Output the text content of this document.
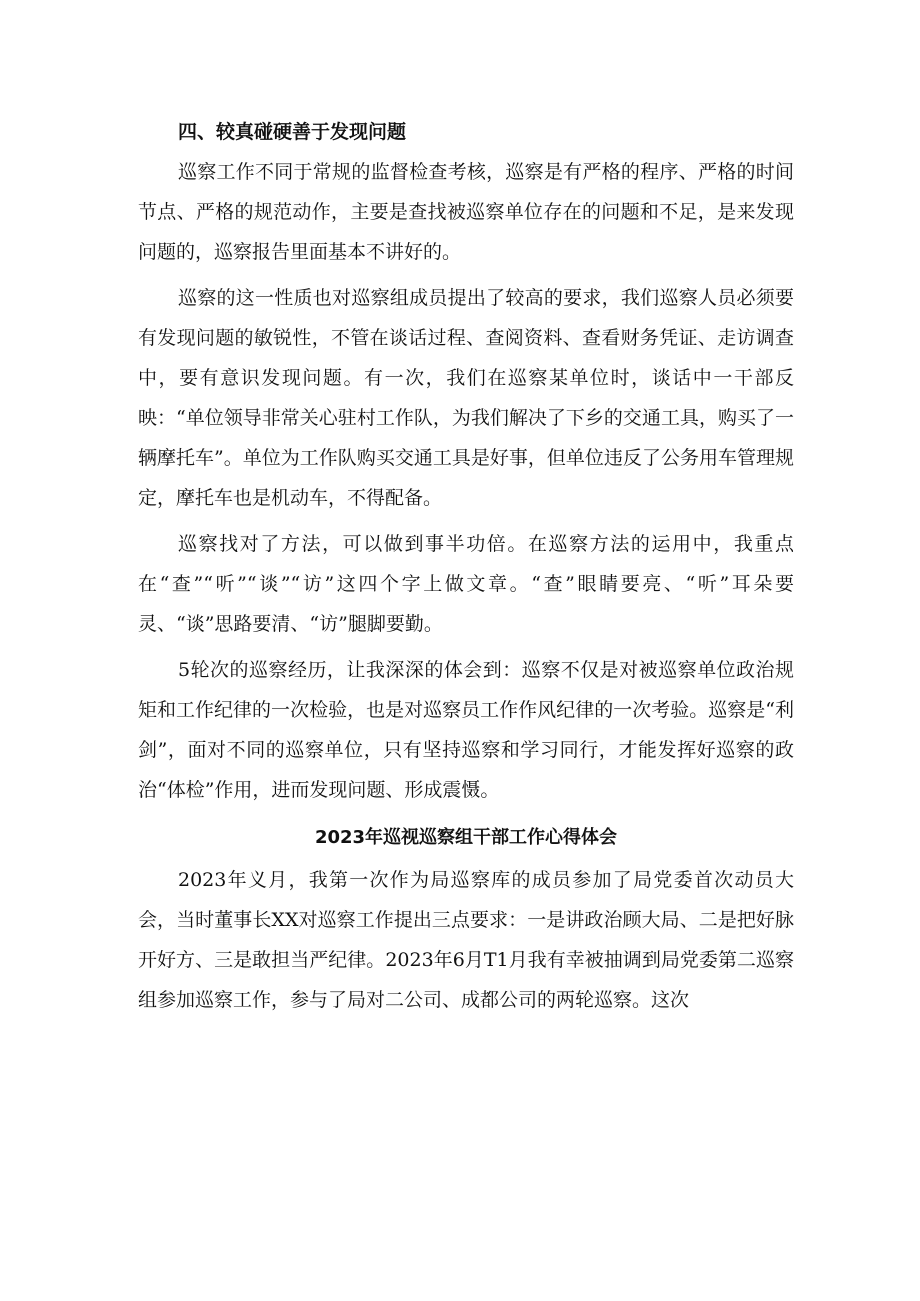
四、较真碰硬善于发现问题

巡察工作不同于常规的监督检查考核，巡察是有严格的程序、严格的时间节点、严格的规范动作，主要是查找被巡察单位存在的问题和不足，是来发现问题的，巡察报告里面基本不讲好的。

巡察的这一性质也对巡察组成员提出了较高的要求，我们巡察人员必须要有发现问题的敏锐性，不管在谈话过程、查阅资料、查看财务凭证、走访调查中，要有意识发现问题。有一次，我们在巡察某单位时，谈话中一干部反映：“单位领导非常关心驻村工作队，为我们解决了下乡的交通工具，购买了一辆摩托车”。单位为工作队购买交通工具是好事，但单位违反了公务用车管理规定，摩托车也是机动车，不得配备。

巡察找对了方法，可以做到事半功倍。在巡察方法的运用中，我重点在“查”“听”“谈”“访”这四个字上做文章。“查”眼睛要亮、“听”耳朵要灵、“谈”思路要清、“访”腿脚要勤。

5轮次的巡察经历，让我深深的体会到：巡察不仅是对被巡察单位政治规矩和工作纪律的一次检验，也是对巡察员工作作风纪律的一次考验。巡察是“利剑”，面对不同的巡察单位，只有坚持巡察和学习同行，才能发挥好巡察的政治“体检”作用，进而发现问题、形成震慑。

2023年巡视巡察组干部工作心得体会

2023年义月，我第一次作为局巡察库的成员参加了局党委首次动员大会，当时董事长XX对巡察工作提出三点要求：一是讲政治顾大局、二是把好脉开好方、三是敢担当严纪律。2023年6月T1月我有幸被抽调到局党委第二巡察组参加巡察工作，参与了局对二公司、成都公司的两轮巡察。这次
